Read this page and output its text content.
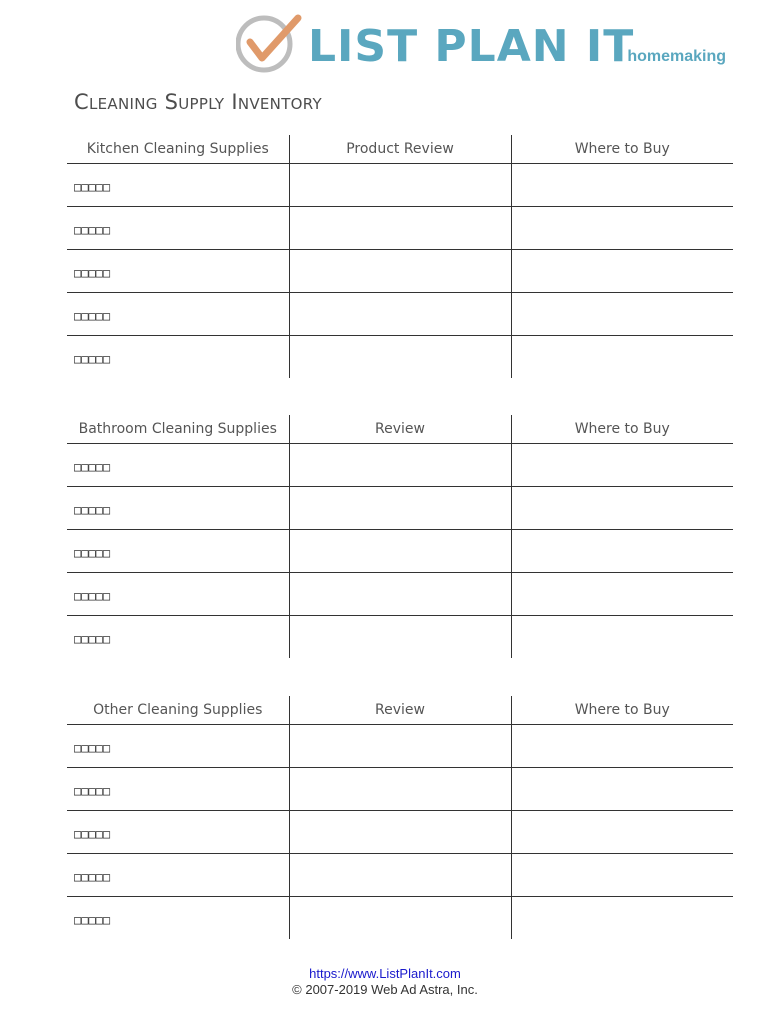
LIST PLAN IT
homemaking
Cleaning Supply Inventory
Kitchen Cleaning Supplies	Product Review	Where to Buy
□□□□□		
□□□□□		
□□□□□		
□□□□□		
□□□□□		
Bathroom Cleaning Supplies	Review	Where to Buy
□□□□□		
□□□□□		
□□□□□		
□□□□□		
□□□□□		
Other Cleaning Supplies	Review	Where to Buy
□□□□□		
□□□□□		
□□□□□		
□□□□□		
□□□□□		
https://www.ListPlanIt.com
© 2007-2019 Web Ad Astra, Inc.
